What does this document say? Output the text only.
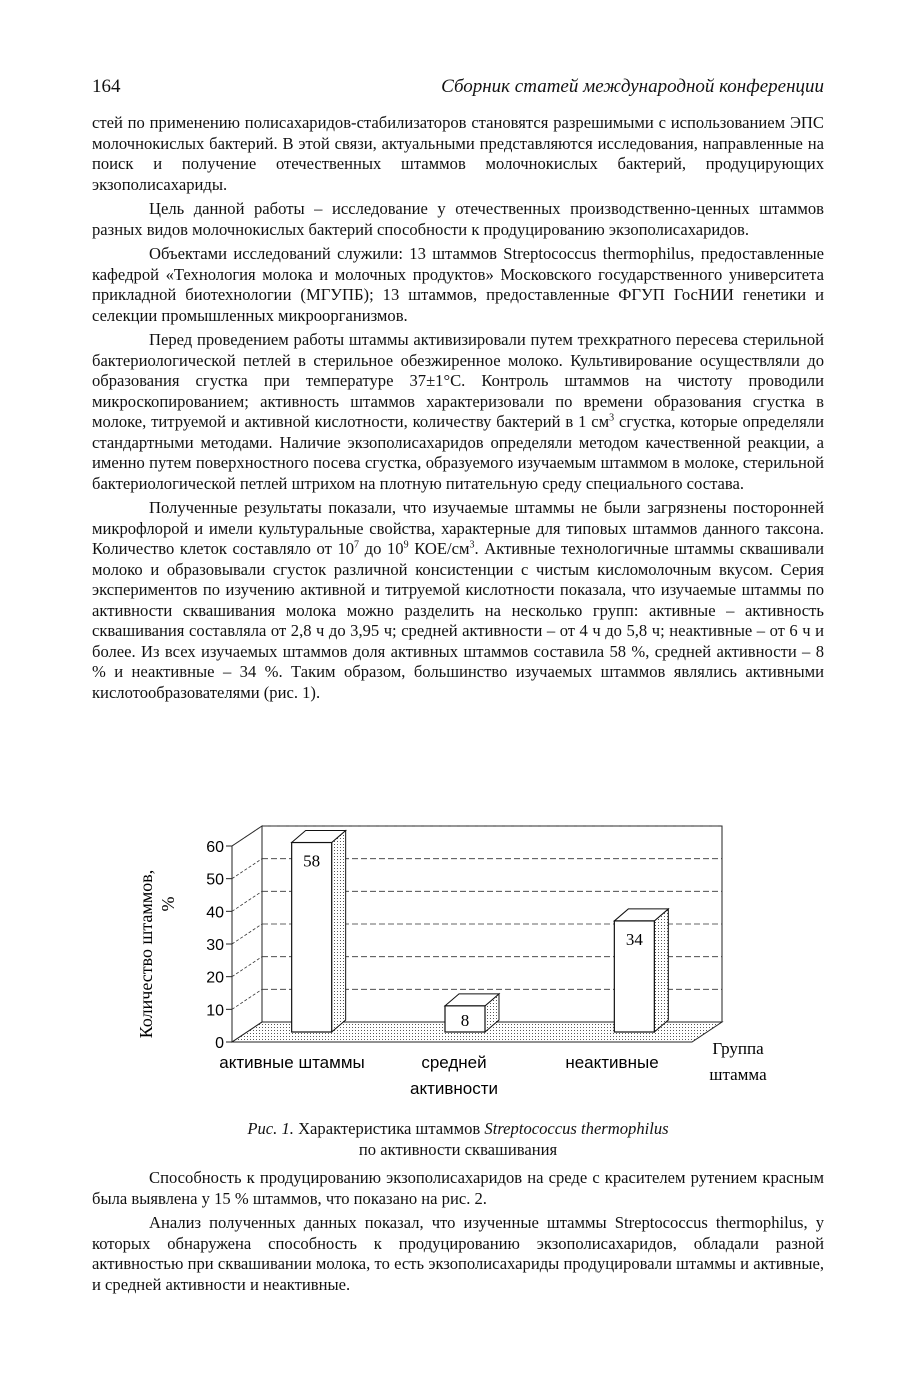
164	Сборник статей международной конференции

стей по применению полисахаридов-стабилизаторов становятся разрешимыми с использованием ЭПС молочнокислых бактерий. В этой связи, актуальными представляются исследования, направленные на поиск и получение отечественных штаммов молочнокислых бактерий, продуцирующих экзополисахариды.

Цель данной работы – исследование у отечественных производственно-ценных штаммов разных видов молочнокислых бактерий способности к продуцированию экзополисахаридов.

Объектами исследований служили: 13 штаммов Streptococcus thermophilus, предоставленные кафедрой «Технология молока и молочных продуктов» Московского государственного университета прикладной биотехнологии (МГУПБ); 13 штаммов, предоставленные ФГУП ГосНИИ генетики и селекции промышленных микроорганизмов.

Перед проведением работы штаммы активизировали путем трехкратного пересева стерильной бактериологической петлей в стерильное обезжиренное молоко. Культивирование осуществляли до образования сгустка при температуре 37±1°С. Контроль штаммов на чистоту проводили микроскопированием; активность штаммов характеризовали по времени образования сгустка в молоке, титруемой и активной кислотности, количеству бактерий в 1 $см^3$ сгустка, которые определяли стандартными методами. Наличие экзополисахаридов определяли методом качественной реакции, а именно путем поверхностного посева сгустка, образуемого изучаемым штаммом в молоке, стерильной бактериологической петлей штрихом на плотную питательную среду специального состава.

Полученные результаты показали, что изучаемые штаммы не были загрязнены посторонней микрофлорой и имели культуральные свойства, характерные для типовых штаммов данного таксона. Количество клеток составляло от $10^7$ до $10^9$ КОЕ/$см^3$. Активные технологичные штаммы сквашивали молоко и образовывали сгусток различной консистенции с чистым кисломолочным вкусом. Серия экспериментов по изучению активной и титруемой кислотности показала, что изучаемые штаммы по активности сквашивания молока можно разделить на несколько групп: активные – активность сквашивания составляла от 2,8 ч до 3,95 ч; средней активности – от 4 ч до 5,8 ч; неактивные – от 6 ч и более. Из всех изучаемых штаммов доля активных штаммов составила 58 %, средней активности – 8 % и неактивные – 34 %. Таким образом, большинство изучаемых штаммов являлись активными кислотообразователями (рис. 1).

0
10
20
30
40
50
60
58
8
34
активные штаммы	средней
активности
неактивные
Количество штаммов, %
Группа
штамма
Рис. 1. Характеристика штаммов Streptococcus thermophilus
по активности сквашивания

Способность к продуцированию экзополисахаридов на среде с красителем рутением красным была выявлена у 15 % штаммов, что показано на рис. 2.

Анализ полученных данных показал, что изученные штаммы Streptococcus thermophilus, у которых обнаружена способность к продуцированию экзополисахаридов, обладали разной активностью при сквашивании молока, то есть экзополисахариды продуцировали штаммы и активные, и средней активности и неактивные.
